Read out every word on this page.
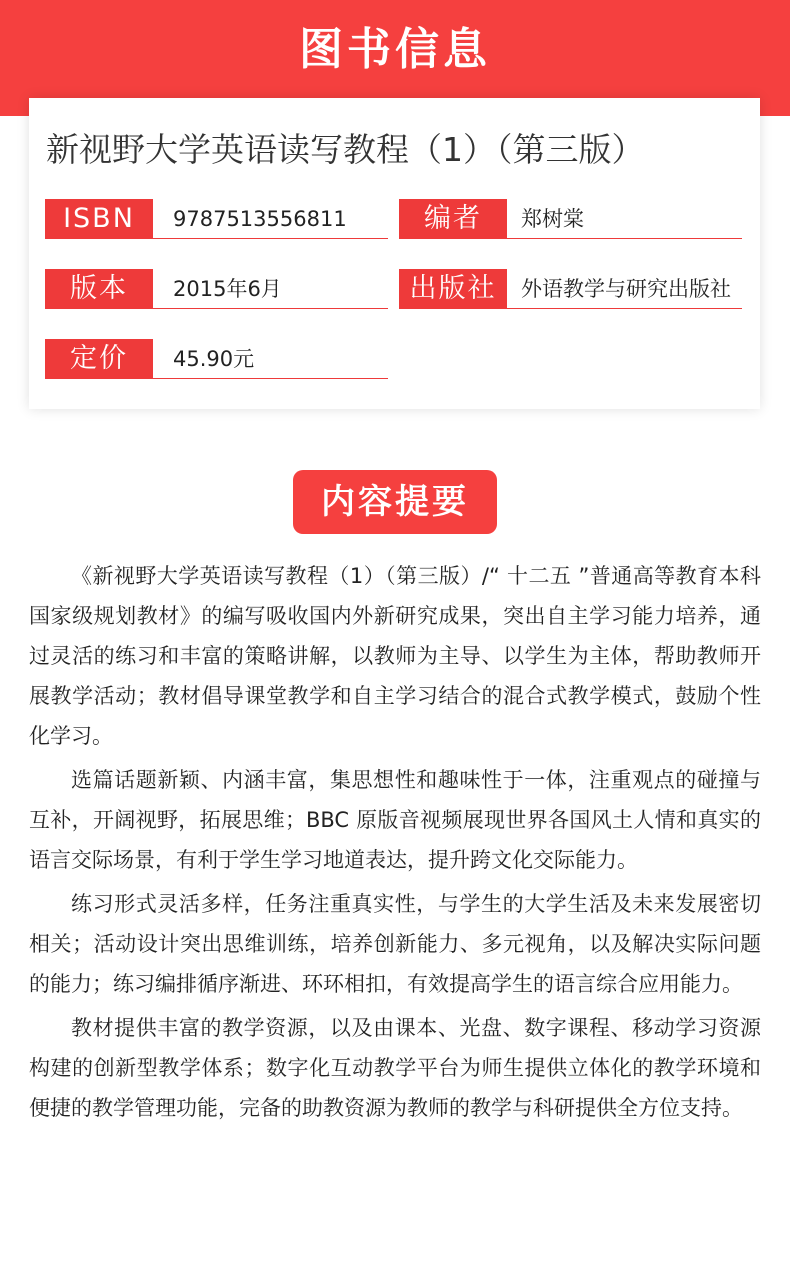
图书信息
新视野大学英语读写教程（1）（第三版）
ISBN	9787513556811	编者	郑树棠
版本	2015年6月	出版社	外语教学与研究出版社
定价	45.90元
内容提要

《新视野大学英语读写教程（1）（第三版）/“ 十二五 ”普通高等教育本科国家级规划教材》的编写吸收国内外新研究成果，突出自主学习能力培养，通过灵活的练习和丰富的策略讲解，以教师为主导、以学生为主体，帮助教师开展教学活动；教材倡导课堂教学和自主学习结合的混合式教学模式，鼓励个性化学习。

选篇话题新颖、内涵丰富，集思想性和趣味性于一体，注重观点的碰撞与互补，开阔视野，拓展思维；BBC 原版音视频展现世界各国风土人情和真实的语言交际场景，有利于学生学习地道表达，提升跨文化交际能力。

练习形式灵活多样，任务注重真实性，与学生的大学生活及未来发展密切相关；活动设计突出思维训练，培养创新能力、多元视角，以及解决实际问题的能力；练习编排循序渐进、环环相扣，有效提高学生的语言综合应用能力。

教材提供丰富的教学资源，以及由课本、光盘、数字课程、移动学习资源构建的创新型教学体系；数字化互动教学平台为师生提供立体化的教学环境和便捷的教学管理功能，完备的助教资源为教师的教学与科研提供全方位支持。
